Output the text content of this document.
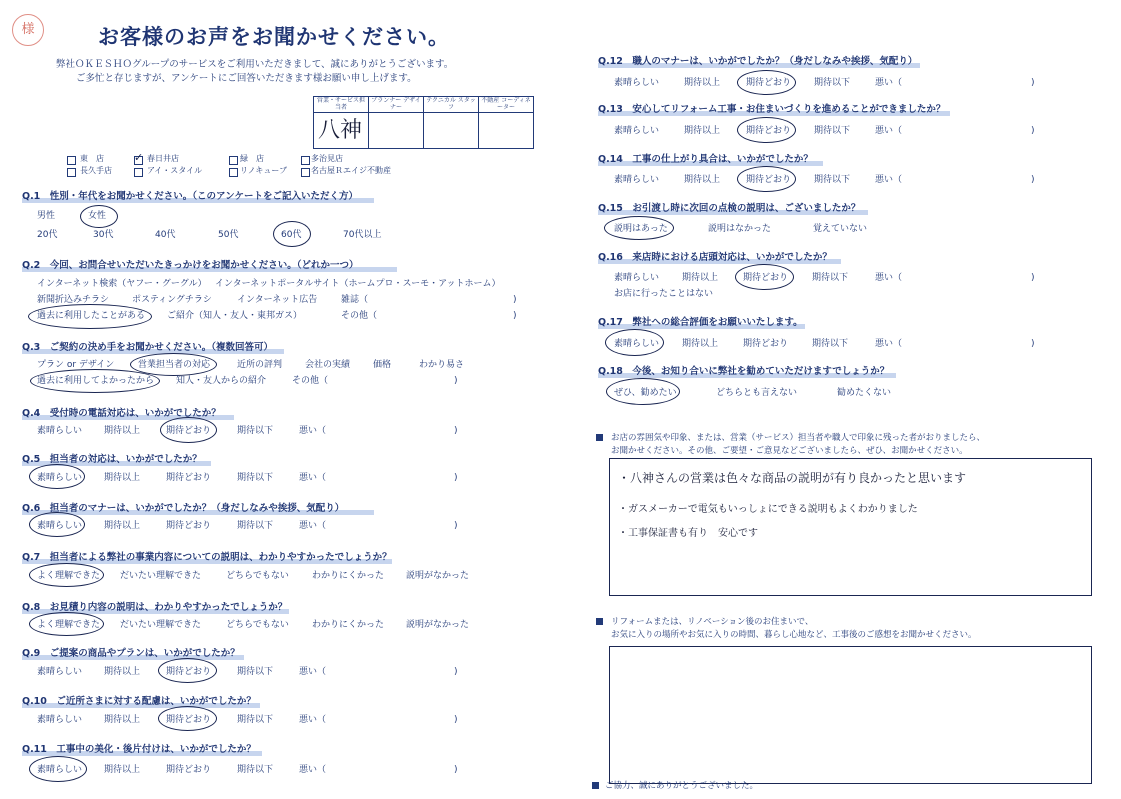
様	お客様のお声をお聞かせください。
弊社ＯＫＥＳＨＯグループのサービスをご利用いただきまして、誠にありがとうございます。
ご多忙と存じますが、アンケートにご回答いただきます様お願い申し上げます。
営業・サービス担当者	プランナー デザイナー	テクニカル スタッフ	不動産 コーディネーター

八神
東　店	✓ 春日井店	緑　店	多治見店
長久手店	アイ・スタイル	リノキューブ	名古屋Ｒエイジ不動産
Q.1　性別・年代をお聞かせください。（このアンケートをご記入いただく方）
男性	女性
20代	30代	40代	50代	60代	70代以上
Q.2　今回、お問合せいただいたきっかけをお聞かせください。（どれか一つ）
インターネット検索（ヤフー・グーグル） インターネットポータルサイト（ホームプロ・スーモ・アットホーム）
新聞折込みチラシ	ポスティングチラシ	インターネット広告	雑誌（	)
過去に利用したことがある ご紹介（知人・友人・東邦ガス）	その他（	)
Q.3　ご契約の決め手をお聞かせください。（複数回答可）
プラン or デザイン	営業担当者の対応	近所の評判	会社の実績	価格	わかり易さ
過去に利用してよかったから 知人・友人からの紹介	その他（	)
Q.4　受付時の電話対応は、いかがでしたか？
素晴らしい 期待以上	期待どおり	期待以下	悪い（	)
Q.5　担当者の対応は、いかがでしたか？
素晴らしい 期待以上	期待どおり	期待以下	悪い（	)
Q.6　担当者のマナーは、いかがでしたか？（身だしなみや挨拶、気配り）
素晴らしい 期待以上	期待どおり	期待以下	悪い（	)
Q.7　担当者による弊社の事業内容についての説明は、わかりやすかったでしょうか？
よく理解できた だいたい理解できた	どちらでもない	わかりにくかった 説明がなかった
Q.8　お見積り内容の説明は、わかりやすかったでしょうか？
よく理解できた だいたい理解できた	どちらでもない	わかりにくかった 説明がなかった
Q.9　ご提案の商品やプランは、いかがでしたか？
素晴らしい 期待以上	期待どおり	期待以下	悪い（	)
Q.10　ご近所さまに対する配慮は、いかがでしたか？
素晴らしい 期待以上	期待どおり	期待以下	悪い（	)
Q.11　工事中の美化・後片付けは、いかがでしたか？
素晴らしい 期待以上	期待どおり	期待以下	悪い（	)
Q.12　職人のマナーは、いかがでしたか？（身だしなみや挨拶、気配り）
素晴らしい	期待以上	期待どおり	期待以下	悪い（	)
Q.13　安心してリフォーム工事・お住まいづくりを進めることができましたか？
素晴らしい	期待以上	期待どおり	期待以下	悪い（	)
Q.14　工事の仕上がり具合は、いかがでしたか？
素晴らしい	期待以上	期待どおり	期待以下	悪い（	)
Q.15　お引渡し時に次回の点検の説明は、ございましたか？
説明はあった	説明はなかった	覚えていない
Q.16　来店時における店頭対応は、いかがでしたか？
素晴らしい	期待以上	期待どおり	期待以下	悪い（	)
お店に行ったことはない
Q.17　弊社への総合評価をお願いいたします。
素晴らしい	期待以上	期待どおり	期待以下	悪い（	)
Q.18　今後、お知り合いに弊社を勧めていただけますでしょうか？
ぜひ、勧めたい	どちらとも言えない	勧めたくない
お店の雰囲気や印象、または、営業（サービス）担当者や職人で印象に残った者がおりましたら、
お聞かせください。その他、ご要望・ご意見などございましたら、ぜひ、お聞かせください。
・八神さんの営業は色々な商品の説明が有り良かったと思います
・ガスメーカーで電気もいっしょにできる説明もよくわかりました
・工事保証書も有り　安心です
リフォームまたは、リノベーション後のお住まいで、
お気に入りの場所やお気に入りの時間、暮らし心地など、工事後のご感想をお聞かせください。
ご協力、誠にありがとうございました。
